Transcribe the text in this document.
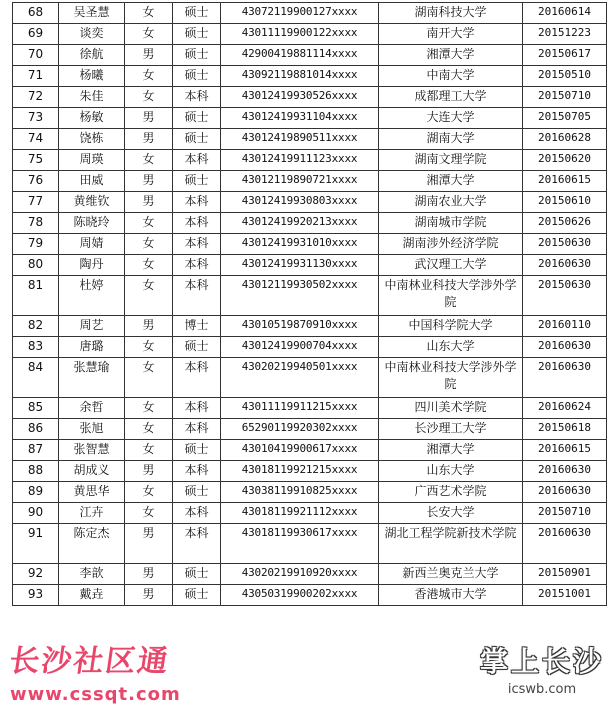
68	吴圣慧	女	硕士	43072119900127xxxx	湖南科技大学	20160614
69	谈奕	女	硕士	43011119900122xxxx	南开大学	20151223
70	徐航	男	硕士	42900419881114xxxx	湘潭大学	20150617
71	杨曦	女	硕士	43092119881014xxxx	中南大学	20150510
72	朱佳	女	本科	43012419930526xxxx	成都理工大学	20150710
73	杨敏	男	硕士	43012419931104xxxx	大连大学	20150705
74	饶栋	男	硕士	43012419890511xxxx	湖南大学	20160628
75	周瑛	女	本科	43012419911123xxxx	湖南文理学院	20150620
76	田威	男	硕士	43012119890721xxxx	湘潭大学	20160615
77	黄维钦	男	本科	43012419930803xxxx	湖南农业大学	20150610
78	陈晓玲	女	本科	43012419920213xxxx	湖南城市学院	20150626
79	周婧	女	本科	43012419931010xxxx	湖南涉外经济学院	20150630
80	陶丹	女	本科	43012419931130xxxx	武汉理工大学	20160630
81	杜婷	女	本科	43012119930502xxxx	中南林业科技大学涉外学院	20150630
82	周艺	男	博士	43010519870910xxxx	中国科学院大学	20160110
83	唐璐	女	硕士	43012419900704xxxx	山东大学	20160630
84	张慧瑜	女	本科	43020219940501xxxx	中南林业科技大学涉外学院	20160630
85	余哲	女	本科	43011119911215xxxx	四川美术学院	20160624
86	张旭	女	本科	65290119920302xxxx	长沙理工大学	20150618
87	张智慧	女	硕士	43010419900617xxxx	湘潭大学	20160615
88	胡成义	男	本科	43018119921215xxxx	山东大学	20160630
89	黄思华	女	硕士	43038119910825xxxx	广西艺术学院	20160630
90	江卉	女	本科	43018119921112xxxx	长安大学	20150710
91	陈定杰	男	本科	43018119930617xxxx	湖北工程学院新技术学院	20160630
92	李歆	男	硕士	43020219910920xxxx	新西兰奥克兰大学	20150901
93	戴垚	男	硕士	43050319900202xxxx	香港城市大学	20151001
长沙社区通
www.cssqt.com
掌上长沙
icswb.com
